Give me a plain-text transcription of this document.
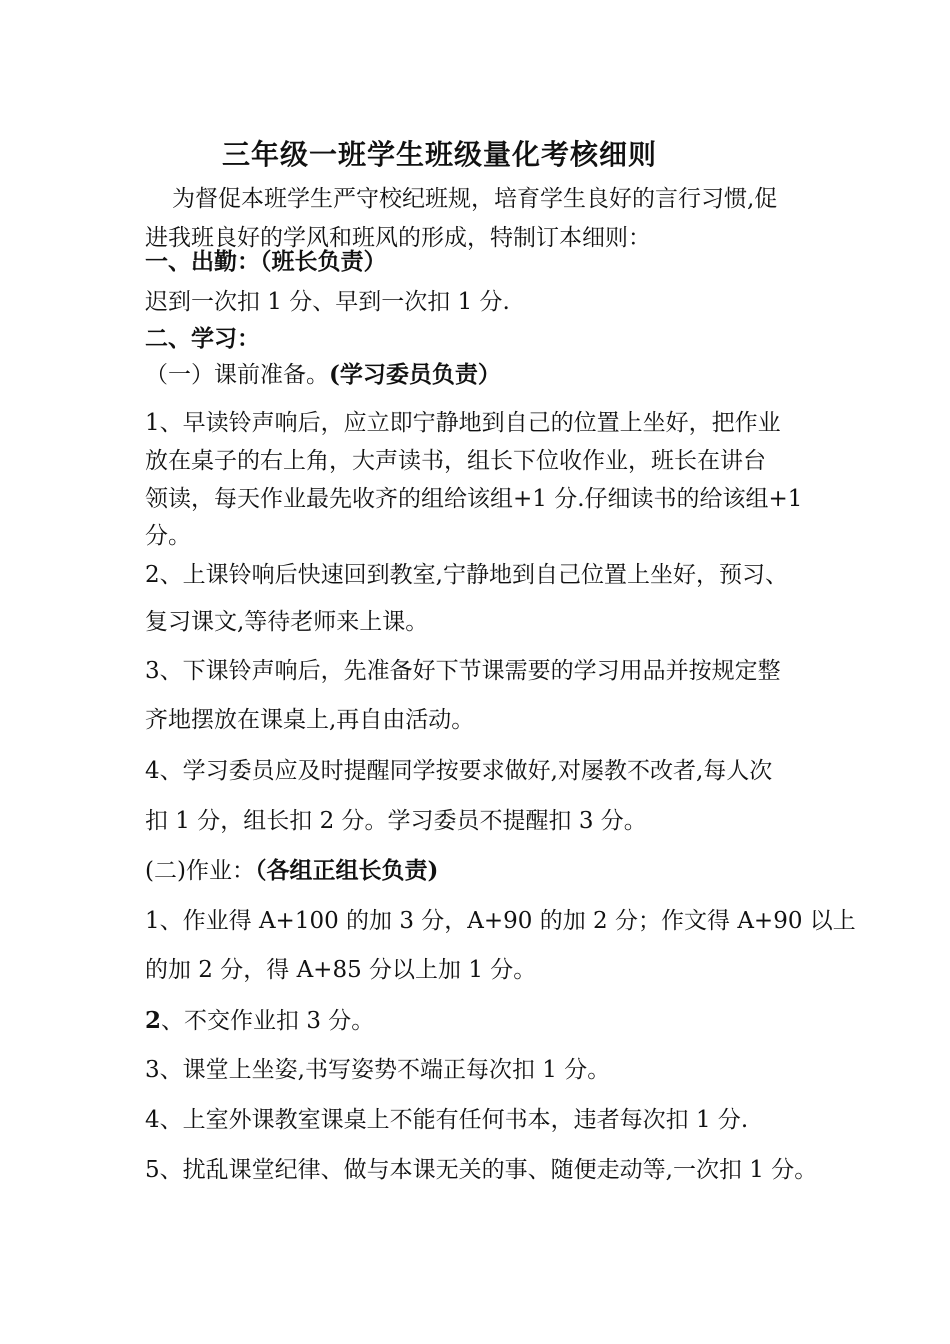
三年级一班学生班级量化考核细则
为督促本班学生严守校纪班规，培育学生良好的言行习惯,促
进我班良好的学风和班风的形成，特制订本细则：
一、出勤：（班长负责）
迟到一次扣 1 分、早到一次扣 1 分.
二、学习：
（一）课前准备。(学习委员负责）
1、早读铃声响后，应立即宁静地到自己的位置上坐好，把作业
放在桌子的右上角，大声读书，组长下位收作业，班长在讲台
领读，每天作业最先收齐的组给该组+1 分.仔细读书的给该组+1
分。
2、上课铃响后快速回到教室,宁静地到自己位置上坐好，预习、
复习课文,等待老师来上课。
3、下课铃声响后，先准备好下节课需要的学习用品并按规定整
齐地摆放在课桌上,再自由活动。
4、学习委员应及时提醒同学按要求做好,对屡教不改者,每人次
扣 1 分，组长扣 2 分。学习委员不提醒扣 3 分。
(二)作业：（各组正组长负责)
1、作业得 A+100 的加 3 分，A+90 的加 2 分；作文得 A+90 以上
的加 2 分，得 A+85 分以上加 1 分。
2、不交作业扣 3 分。
3、课堂上坐姿,书写姿势不端正每次扣 1 分。
4、上室外课教室课桌上不能有任何书本，违者每次扣 1 分.
5、扰乱课堂纪律、做与本课无关的事、随便走动等,一次扣 1 分。
